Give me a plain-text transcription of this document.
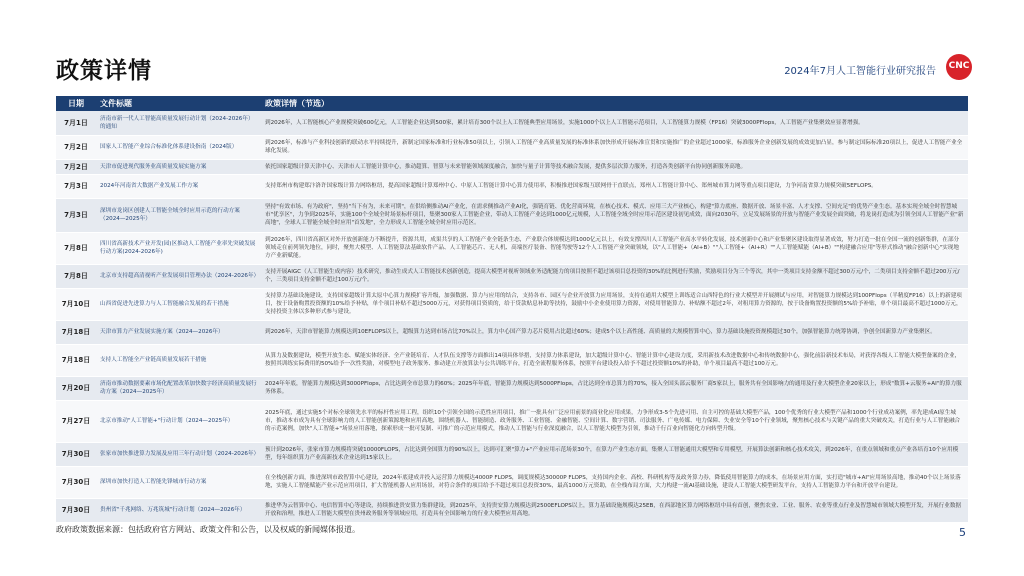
政策详情	2024年7月人工智能行业研究报告 CNC
日期	文件标题	政策详情（节选）
7月1日	济南市新一代人工智能高质量发展行动计划（2024-2026年）的通知	到2026年，人工智能核心产业规模突破600亿元，人工智能企业达到500家，累计培育300个以上人工智能典型应用场景，实施1000个以上人工智能示范项目，人工智能算力规模（FP16）突破3000PFlops，人工智能产业集聚效应显著增强。
7月2日	国家人工智能产业综合标准化体系建设指南（2024版）	到2026年，标准与产业科技创新的联动水平持续提升，新制定国家标准和行业标准50项以上，引领人工智能产业高质量发展的标准体系加快形成开展标准宣贯和实施推广的企业超过1000家，标准服务企业创新发展的成效更加凸显，参与制定国际标准20项以上，促进人工智能产业全球化发展。
7月2日	天津市促进现代服务业高质量发展实施方案	依托国家超级计算天津中心、天津市人工智能计算中心，推动超算、智算与未来智能领域深度融合，加快与量子计算等技术融合发展，提供多层次算力服务，打造各类创新平台协同创新服务高地。
7月3日	2024年河南省大数据产业发展工作方案	支持郑州市构建郑汴洛许国家级计算力网络枢纽，提高国家超级计算郑州中心、中原人工智能计算中心算力使用率，积极推进国家级互联网骨干直联点，郑州人工智能计算中心、郑州城市算力网等重点项目建设，力争河南省算力规模突破5EFLOPS。
7月3日	深圳市龙岗区创建人工智能全域全时应用示范的行动方案（2024—2025年）	坚持"有效市场、有为政府"，坚持"当下有为，未来可期"，在供给侧推动AI产业化，在需求侧推动产业AI化，强链育链、优化营商环境，在核心技术、模式、应用三大产业核心，构建"算力底座、数据开放、场景丰富、人才支撑、空间充足"的优势产业生态。基本实现全域全时智慧城市"优享区"，力争到2025年，实施100个全域全时场景标杆项目，集聚300家人工智能企业，带动人工智能产业达到1000亿元规模，人工智能全域全时应用示范区建设初见成效，面向2030年，立足发展场景的开放与智能产业发展全面突破，将龙岗打造成为引领全国人工智能产业"新高地"，全球人工智能全域全时应用"首发地"，全力形成人工智能全域全时应用示范区。
7月8日	四川省高新技术产业开发(园)区推动人工智能产业率先突破发展行动方案(2024-2026年)	到2026年，四川省高新区对外开放创新能力不断提升，资源共用，成果共享的人工智能产业全链条生态，产业联合体规模达到1000亿元以上，有效支撑四川人工智能产业高水平转化发展，技术创新中心和产业集聚区建设取得显著成效，努力打造一批在全国一流的创新集群，在部分领域走在前列领先地位，同时，聚焦大模型、人工智能算法基础软件产品、人工智能芯片、无人机、高端医疗装备、智能驾驶等12个人工智能产业突破领域，以"人工智能+（AI+B）""人工智能+（AI+R）""人工智能赋能（AI+B）""构建融合应用"等形式推动"融合创新中心"实现地方产业新赋能。
7月8日	北京市支持超高清视听产业发展项目管理办法（2024-2026年）	支持开展AIGC（人工智能生成内容）技术研究，推动生成式人工智能技术创新创造，提高大模型对视听领域业务适配能力的项目按照不超过该项目总投资的30%的比例进行奖励，奖励项目分为三个等次，其中一类项目支持金额不超过300万元/个，二类项目支持金额不超过200万元/个，三类项目支持金额不超过100万元/个。
7月10日	山西省促进先进算力与人工智能融合发展的若干措施	支持算力基础设施建设，支持国家超级计算太原中心算力规模扩容升级，加强数据、算力与应用的结合，支持各市、园区与企业开放算力应用场景，支持在通用大模型上训练适合山西特色的行业大模型并开展测试与应用，对智能算力规模达到100PFlops（半精度FP16）以上的新建项目，按于设备购置投资额的10%给予补贴，单个项目补贴不超过5000万元，对获得项目资质的，给于贷款贴息补助等扶持，鼓励中小企业使用算力资源，对使用智能算力、补贴额不超过2年，对租用算力资源的，按于设备购置投资额的5%给予补贴，单个项目最高不超过1000万元，支持投资主体以多种形式参与建设。
7月18日	天津市算力产业发展实施方案（2024—2026年）	到2026年，天津市智能算力规模达到10EFLOPS以上，超级算力达到市场占比70%以上，算力中心国产算力芯片使用占比超过60%；建成5个以上高性能、高质量的大规模智算中心，算力基础设施投资规模超过30个，加强智能算力统筹协调，争创全国新算力产业集聚区。
7月18日	支持人工智能全产业链高质量发展若干措施	从算力及数据建设，模型开放生态、赋能实体经济、全产业链培育、人才队伍支撑等方面推出14项具体举措，支持算力体系建设，加大超级计算中心、智能计算中心建设力度，采用新技术改进数据中心和传统数据中心，强化前沿新技术布局，对获得各级人工智能大模型备案的企业，按照其训练实际费用的50%给予一次性奖励，对模型电子政务服务、推动建立开放算法与公共训练平台，打造全流程服务体系，按照平台建设投入给予不超过投资额10%的补助，单个项目最高不超过100万元。
7月20日	济南市推动数据要素市场化配置改革加快数字经济高质量发展行动方案（2024—2025年）	2024年年底，智能算力规模达到3000PFlops，占比达到全市总算力的60%；2025年年底，智能算力规模达到5000PFlops，占比达到全市总算力的70%，接入全国头部云服务厂商5家以上，服务共有全国影响力的通用及行业大模型企业20家以上，形成"数算+云服务+AI"的算力服务体系。
7月27日	北京市推动"人工智能+"行动计划（2024—2025年）	2025年底，通过实施5个对标全球领先水平的标杆性应用工程，组织10个引领全国的示范性应用项目，推广一批具有广泛应用前景的商业化应用成果，力争形成3-5个先进可用、自主可控的基础大模型产品，100个优秀的行业大模型产品和1000个行业成功案例，率先建成AI原生城市，推动本市成为具有全球影响力的人工智能创新策源地和应用高地，围绕机器人、智能制造、政务服务、工业智能、金融智能、空间计算、数字营销、司法服务、广电传媒、电力保障、失业安全等10个行业领域，聚焦核心技术与关键产品的重大突破攻关，打造行业与人工智能融合的示范案例，加快"人工智能+"场景应用落地，探索形成一批可复制、可推广的示范应用模式，推动人工智能与行业深度融合，以人工智能大模型为引领，推动千行百业向智能化方向转型升级。
7月30日	张家市加快推进算力发展及应用三年行动计划（2024-2026年）	预计到2026年，张家市算力规模将突破10000FLOPS，占比达到全国算力的90%以上，达到可汇聚"算力+"产业应用示范场景30个，在算力产业生态方面，集聚人工智能通用大模型和专用模型，开展算法创新和核心技术攻关，到2026年，在重点领域和重点产业各培育10个应用模型，每年组织算力产业高新技术企业达到15家以上。
7月30日	深圳市加快打造人工智能先锋城市行动方案	在全栈创新方面，推进深圳市政智算中心建设，2024年底建成并投入运营算力规模达4000P FLOPS，调度规模达30000P FLOPS，支持国内企业、高校、科研机构等及政务算力券，降低使用智能算力的成本，在场景应用方面，实打造"城市+AI"应用场景高地，推动40个以上场景落地，实施人工智能赋能产业示范应用项目，扩大智能机器人应用场景，对符合条件的项目给予不超过项目总投资30%，最高1000万元资助，在全栈布局方面，大力构建一流AI基础设施，建设人工智能大模型研发平台，支持人工智能算力平台和开放平台建设。
7月30日	贵州省"千兆网络、万兆筑城"行动计划（2024—2026年）	推进华为云智算中心、电信智算中心等建设，持续推进贵安算力集群建设，到2025年，支持贵安算力规模达到2500EFLOPS以上，算力基础设施规模达25EB，在西部地区算力网络枢纽中具有首创，聚焦农业、工业、服务、农业等重点行业及智慧城市领域大模型开发，开展行业数据开放和治理，推进人工智能大模型在贵州政务服务等领域应用，打造具有全国影响力的行业大模型应用高地。
政府政策数据来源：包括政府官方网站、政策文件和公告，以及权威的新闻媒体报道。	5
